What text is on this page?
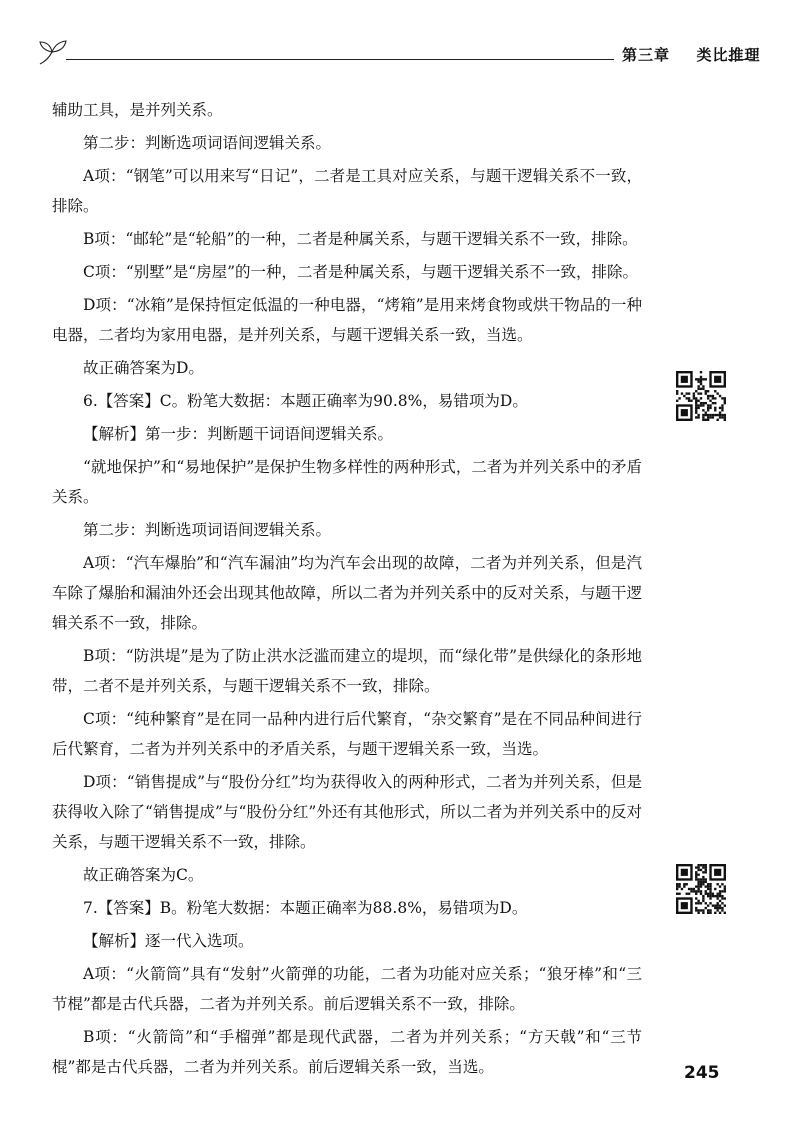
第三章 类比推理

辅助工具，是并列关系。

第二步：判断选项词语间逻辑关系。

A项：“钢笔”可以用来写“日记”，二者是工具对应关系，与题干逻辑关系不一致，排除。

B项：“邮轮”是“轮船”的一种，二者是种属关系，与题干逻辑关系不一致，排除。

C项：“别墅”是“房屋”的一种，二者是种属关系，与题干逻辑关系不一致，排除。

D项：“冰箱”是保持恒定低温的一种电器，“烤箱”是用来烤食物或烘干物品的一种电器，二者均为家用电器，是并列关系，与题干逻辑关系一致，当选。

故正确答案为D。

6.【答案】C。粉笔大数据：本题正确率为90.8%，易错项为D。

【解析】第一步：判断题干词语间逻辑关系。

“就地保护”和“易地保护”是保护生物多样性的两种形式，二者为并列关系中的矛盾关系。

第二步：判断选项词语间逻辑关系。

A项：“汽车爆胎”和“汽车漏油”均为汽车会出现的故障，二者为并列关系，但是汽车除了爆胎和漏油外还会出现其他故障，所以二者为并列关系中的反对关系，与题干逻辑关系不一致，排除。

B项：“防洪堤”是为了防止洪水泛滥而建立的堤坝，而“绿化带”是供绿化的条形地带，二者不是并列关系，与题干逻辑关系不一致，排除。

C项：“纯种繁育”是在同一品种内进行后代繁育，“杂交繁育”是在不同品种间进行后代繁育，二者为并列关系中的矛盾关系，与题干逻辑关系一致，当选。

D项：“销售提成”与“股份分红”均为获得收入的两种形式，二者为并列关系，但是获得收入除了“销售提成”与“股份分红”外还有其他形式，所以二者为并列关系中的反对关系，与题干逻辑关系不一致，排除。

故正确答案为C。

7.【答案】B。粉笔大数据：本题正确率为88.8%，易错项为D。

【解析】逐一代入选项。

A项：“火箭筒”具有“发射”火箭弹的功能，二者为功能对应关系；“狼牙棒”和“三节棍”都是古代兵器，二者为并列关系。前后逻辑关系不一致，排除。

B项：“火箭筒”和“手榴弹”都是现代武器，二者为并列关系；“方天戟”和“三节棍”都是古代兵器，二者为并列关系。前后逻辑关系一致，当选。	245
